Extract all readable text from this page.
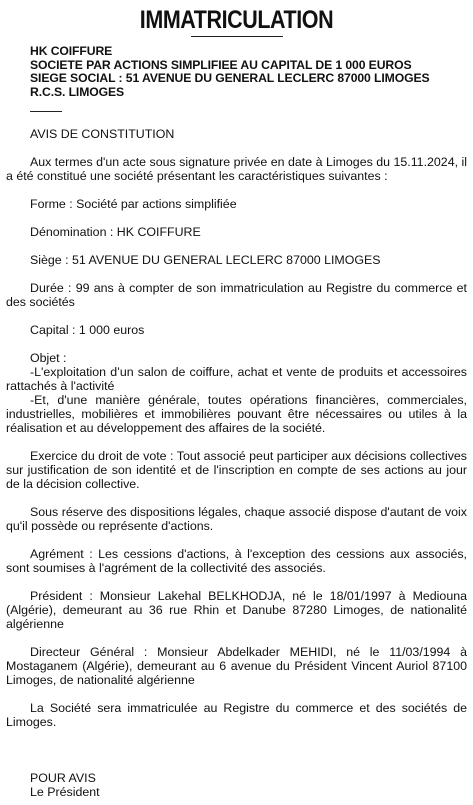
IMMATRICULATION
HK COIFFURE
SOCIETE PAR ACTIONS SIMPLIFIEE AU CAPITAL DE 1 000 EUROS
SIEGE SOCIAL : 51 AVENUE DU GENERAL LECLERC 87000 LIMOGES
R.C.S. LIMOGES
AVIS DE CONSTITUTION

Aux termes d'un acte sous signature privée en date à Limoges du 15.11.2024, il a été constitué une société présentant les caractéristiques suivantes :

Forme : Société par actions simplifiée

Dénomination : HK COIFFURE

Siège : 51 AVENUE DU GENERAL LECLERC 87000 LIMOGES

Durée : 99 ans à compter de son immatriculation au Registre du commerce et des sociétés

Capital : 1 000 euros

Objet :

-L'exploitation d’un salon de coiffure, achat et vente de produits et accessoires rattachés à l'activité

-Et, d'une manière générale, toutes opérations financières, commerciales, industrielles, mobilières et immobilières pouvant être nécessaires ou utiles à la réalisation et au développement des affaires de la société.

Exercice du droit de vote : Tout associé peut participer aux décisions collectives sur justification de son identité et de l'inscription en compte de ses actions au jour de la décision collective.

Sous réserve des dispositions légales, chaque associé dispose d'autant de voix qu'il possède ou représente d'actions.

Agrément : Les cessions d'actions, à l'exception des cessions aux associés, sont soumises à l'agrément de la collectivité des associés.

Président : Monsieur Lakehal BELKHODJA, né le 18/01/1997 à Mediouna (Algérie), demeurant au 36 rue Rhin et Danube 87280 Limoges, de nationalité algérienne

Directeur Général : Monsieur Abdelkader MEHIDI, né le 11/03/1994 à Mostaganem (Algérie), demeurant au 6 avenue du Président Vincent Auriol 87100 Limoges, de nationalité algérienne

La Société sera immatriculée au Registre du commerce et des sociétés de Limoges.

POUR AVIS
Le Président
